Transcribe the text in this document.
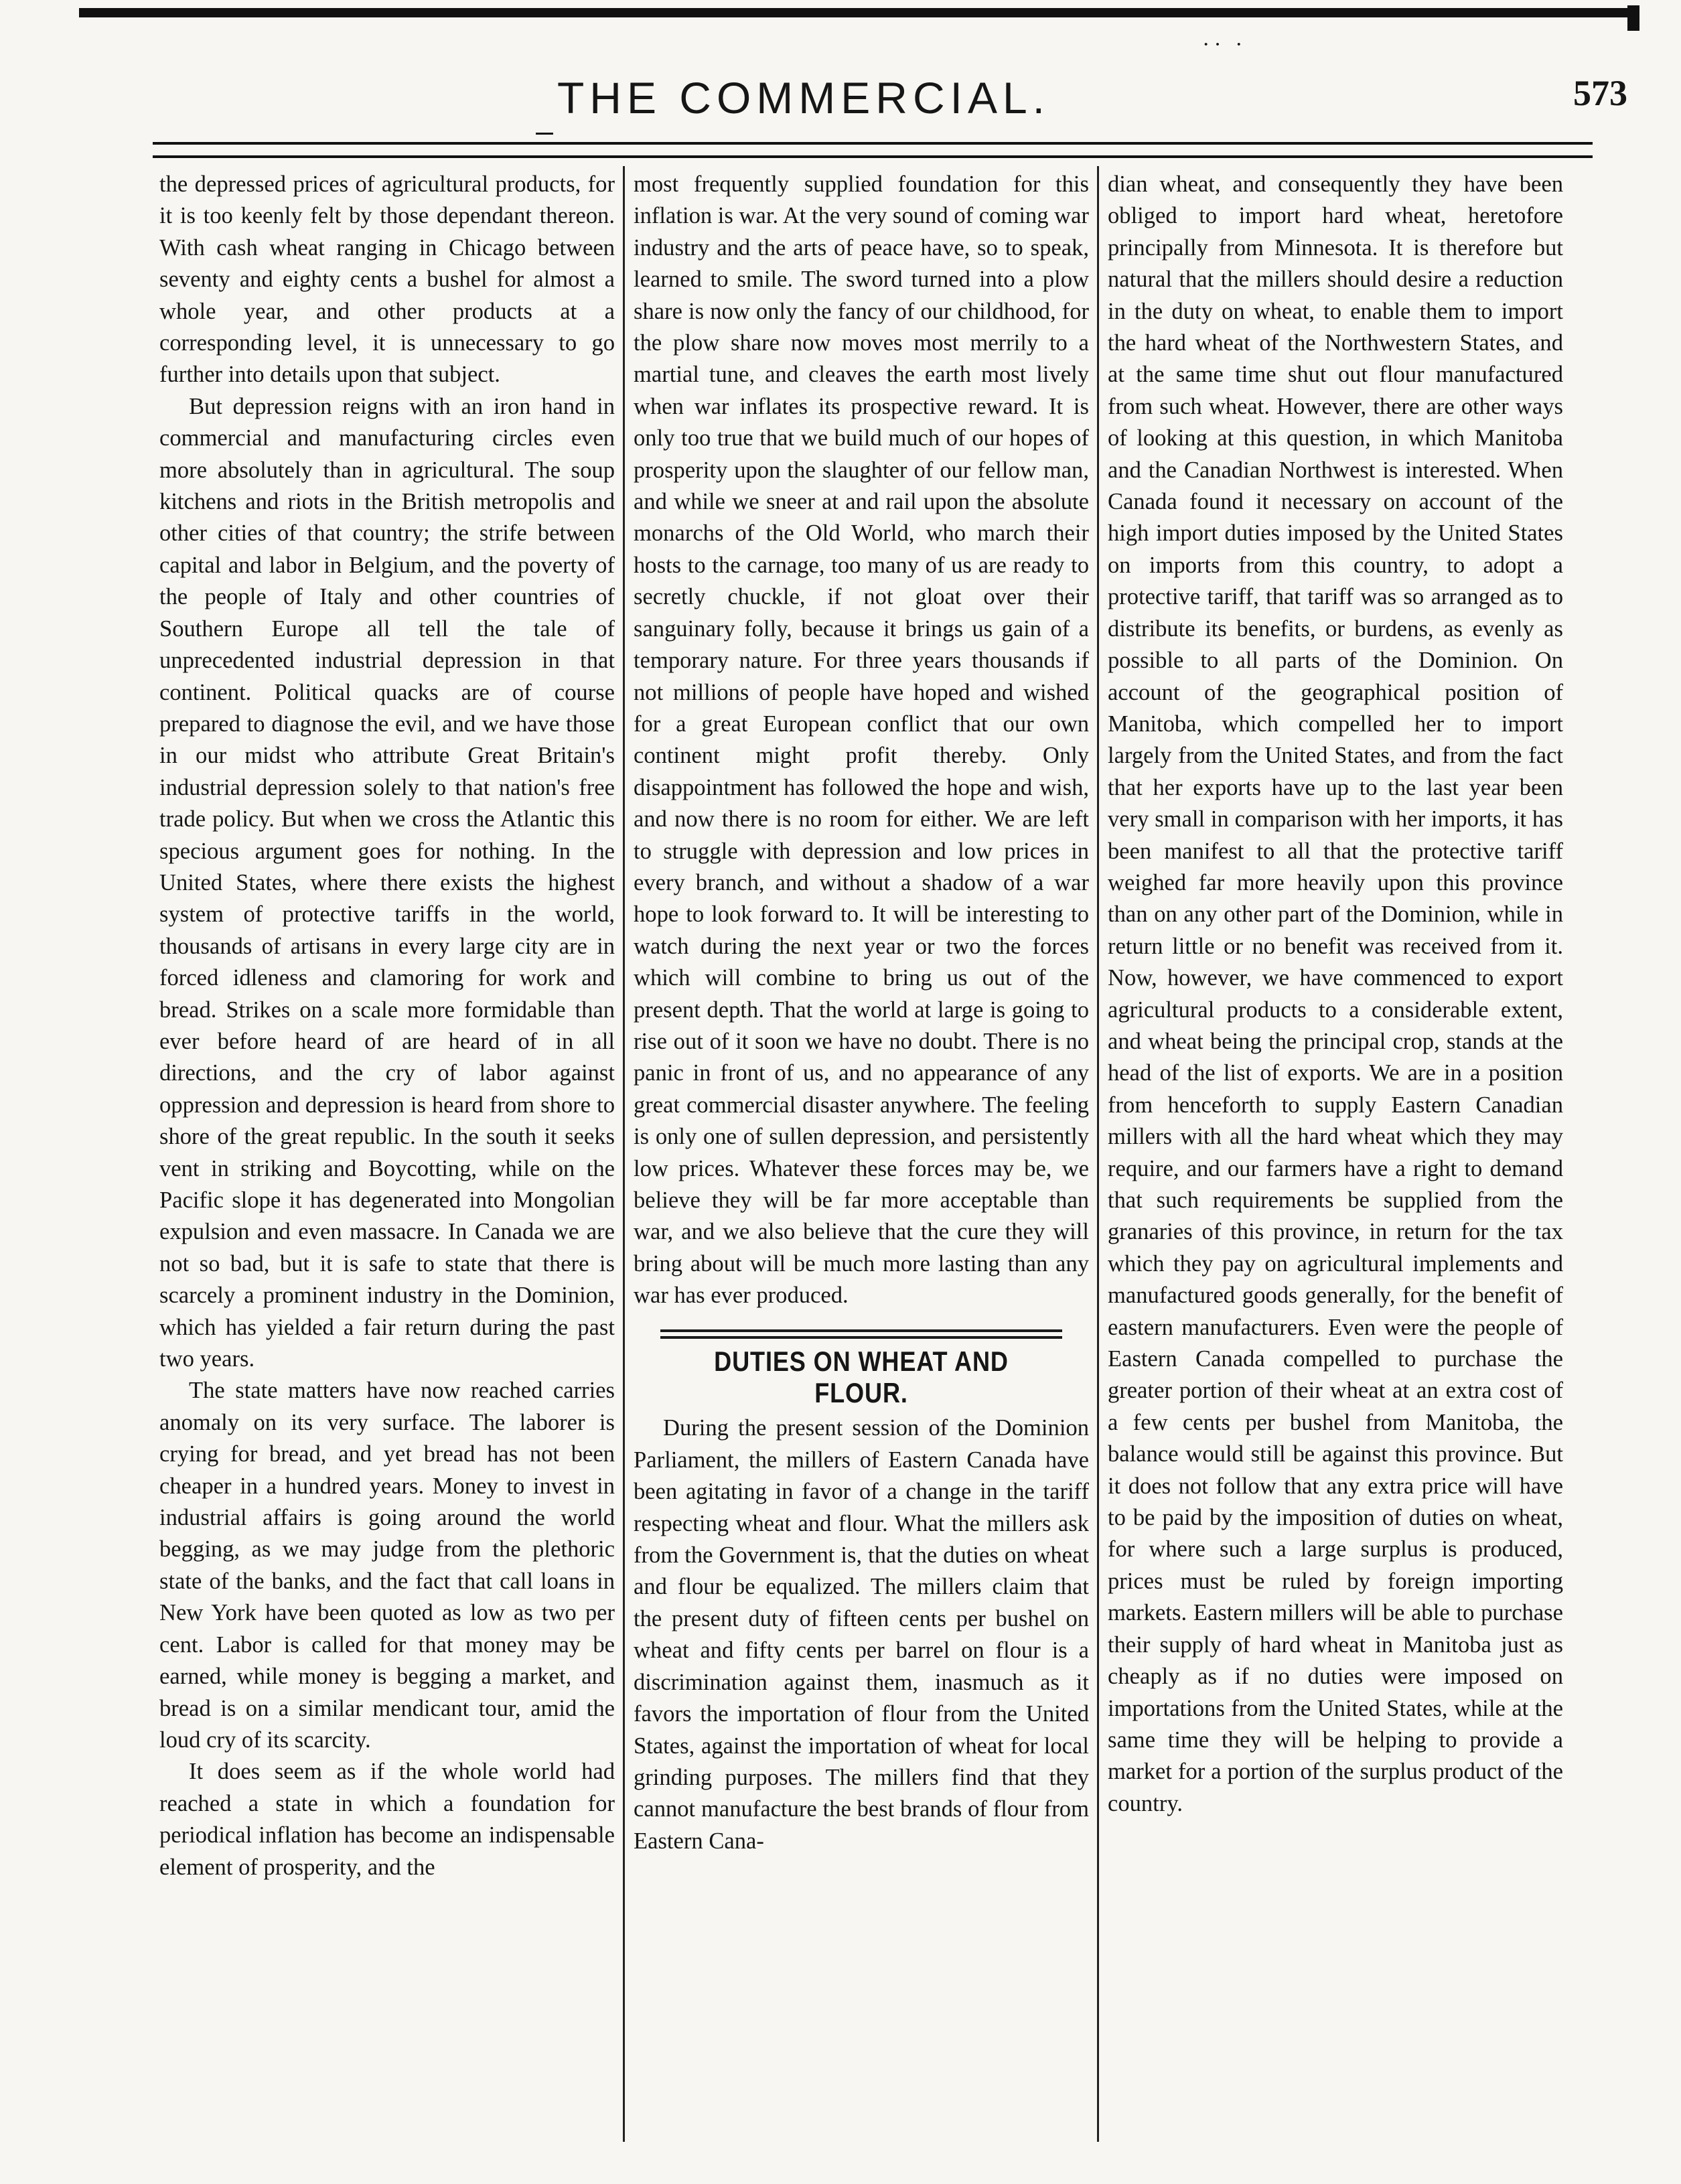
·· ·
THE COMMERCIAL.	573

the depressed prices of agricultural products, for it is too keenly felt by those dependant thereon. With cash wheat ranging in Chicago between seventy and eighty cents a bushel for almost a whole year, and other products at a corresponding level, it is unnecessary to go further into details upon that subject.

But depression reigns with an iron hand in commercial and manufacturing circles even more absolutely than in agricultural. The soup kitchens and riots in the British metropolis and other cities of that country; the strife between capital and labor in Belgium, and the poverty of the people of Italy and other countries of Southern Europe all tell the tale of unprecedented industrial depression in that continent. Political quacks are of course prepared to diagnose the evil, and we have those in our midst who attribute Great Britain's industrial depression solely to that nation's free trade policy. But when we cross the Atlantic this specious argument goes for nothing. In the United States, where there exists the highest system of protective tariffs in the world, thousands of artisans in every large city are in forced idleness and clamoring for work and bread. Strikes on a scale more formidable than ever before heard of are heard of in all directions, and the cry of labor against oppression and depression is heard from shore to shore of the great republic. In the south it seeks vent in striking and Boycotting, while on the Pacific slope it has degenerated into Mongolian expulsion and even massacre. In Canada we are not so bad, but it is safe to state that there is scarcely a prominent industry in the Dominion, which has yielded a fair return during the past two years.

The state matters have now reached carries anomaly on its very surface. The laborer is crying for bread, and yet bread has not been cheaper in a hundred years. Money to invest in industrial affairs is going around the world begging, as we may judge from the plethoric state of the banks, and the fact that call loans in New York have been quoted as low as two per cent. Labor is called for that money may be earned, while money is begging a market, and bread is on a similar mendicant tour, amid the loud cry of its scarcity.

It does seem as if the whole world had reached a state in which a foundation for periodical inflation has become an indispensable element of prosperity, and the

most frequently supplied foundation for this inflation is war. At the very sound of coming war industry and the arts of peace have, so to speak, learned to smile. The sword turned into a plow share is now only the fancy of our childhood, for the plow share now moves most merrily to a martial tune, and cleaves the earth most lively when war inflates its prospective reward. It is only too true that we build much of our hopes of prosperity upon the slaughter of our fellow man, and while we sneer at and rail upon the absolute monarchs of the Old World, who march their hosts to the carnage, too many of us are ready to secretly chuckle, if not gloat over their sanguinary folly, because it brings us gain of a temporary nature. For three years thousands if not millions of people have hoped and wished for a great European conflict that our own continent might profit thereby. Only disappointment has followed the hope and wish, and now there is no room for either. We are left to struggle with depression and low prices in every branch, and without a shadow of a war hope to look forward to. It will be interesting to watch during the next year or two the forces which will combine to bring us out of the present depth. That the world at large is going to rise out of it soon we have no doubt. There is no panic in front of us, and no appearance of any great commercial disaster anywhere. The feeling is only one of sullen depression, and persistently low prices. Whatever these forces may be, we believe they will be far more acceptable than war, and we also believe that the cure they will bring about will be much more lasting than any war has ever produced.

DUTIES ON WHEAT AND FLOUR.

During the present session of the Dominion Parliament, the millers of Eastern Canada have been agitating in favor of a change in the tariff respecting wheat and flour. What the millers ask from the Government is, that the duties on wheat and flour be equalized. The millers claim that the present duty of fifteen cents per bushel on wheat and fifty cents per barrel on flour is a discrimination against them, inasmuch as it favors the importation of flour from the United States, against the importation of wheat for local grinding purposes. The millers find that they cannot manufacture the best brands of flour from Eastern Cana-

dian wheat, and consequently they have been obliged to import hard wheat, heretofore principally from Minnesota. It is therefore but natural that the millers should desire a reduction in the duty on wheat, to enable them to import the hard wheat of the Northwestern States, and at the same time shut out flour manufactured from such wheat. However, there are other ways of looking at this question, in which Manitoba and the Canadian Northwest is interested. When Canada found it necessary on account of the high import duties imposed by the United States on imports from this country, to adopt a protective tariff, that tariff was so arranged as to distribute its benefits, or burdens, as evenly as possible to all parts of the Dominion. On account of the geographical position of Manitoba, which compelled her to import largely from the United States, and from the fact that her exports have up to the last year been very small in comparison with her imports, it has been manifest to all that the protective tariff weighed far more heavily upon this province than on any other part of the Dominion, while in return little or no benefit was received from it. Now, however, we have commenced to export agricultural products to a considerable extent, and wheat being the principal crop, stands at the head of the list of exports. We are in a position from henceforth to supply Eastern Canadian millers with all the hard wheat which they may require, and our farmers have a right to demand that such requirements be supplied from the granaries of this province, in return for the tax which they pay on agricultural implements and manufactured goods generally, for the benefit of eastern manufacturers. Even were the people of Eastern Canada compelled to purchase the greater portion of their wheat at an extra cost of a few cents per bushel from Manitoba, the balance would still be against this province. But it does not follow that any extra price will have to be paid by the imposition of duties on wheat, for where such a large surplus is produced, prices must be ruled by foreign importing markets. Eastern millers will be able to purchase their supply of hard wheat in Manitoba just as cheaply as if no duties were imposed on importations from the United States, while at the same time they will be helping to provide a market for a portion of the surplus product of the country.
